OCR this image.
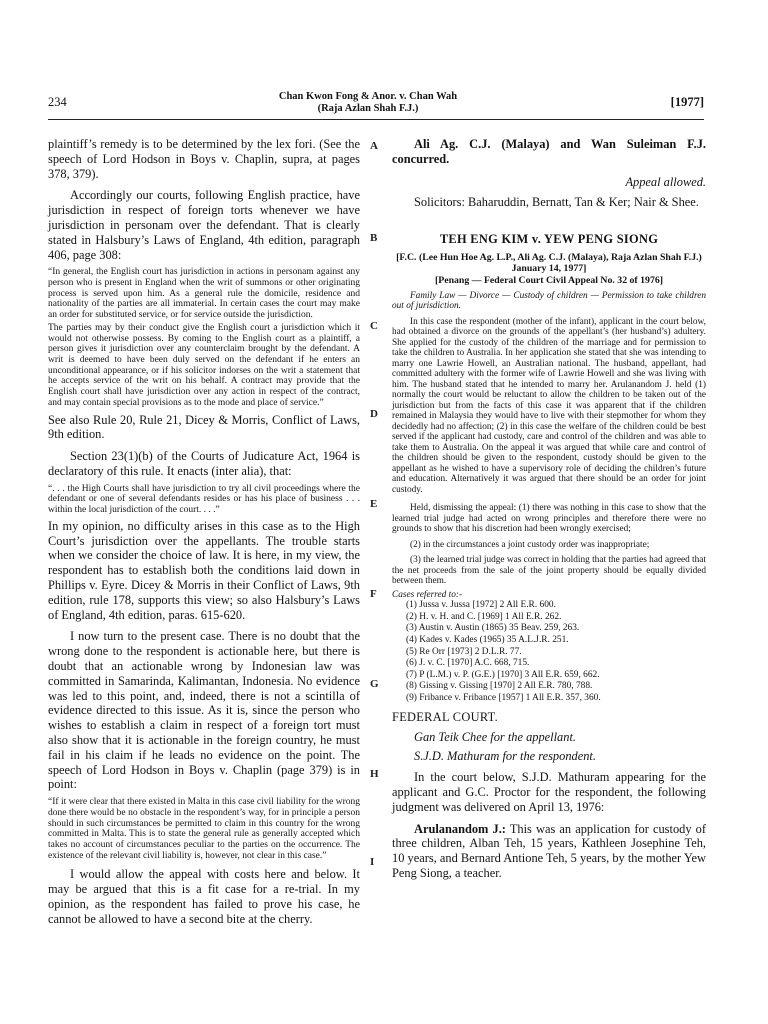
234	Chan Kwon Fong & Anor. v. Chan Wah
(Raja Azlan Shah F.J.)	[1977]

plaintiff’s remedy is to be determined by the lex fori. (See the speech of Lord Hodson in Boys v. Chaplin, supra, at pages 378, 379).

Accordingly our courts, following English practice, have jurisdiction in respect of foreign torts whenever we have jurisdiction in personam over the defendant. That is clearly stated in Halsbury’s Laws of England, 4th edition, paragraph 406, page 308:

“In general, the English court has jurisdiction in actions in personam against any person who is present in England when the writ of summons or other originating process is served upon him. As a general rule the domicile, residence and nationality of the parties are all immaterial. In certain cases the court may make an order for substituted service, or for service outside the jurisdiction.

The parties may by their conduct give the English court a jurisdiction which it would not otherwise possess. By coming to the English court as a plaintiff, a person gives it jurisdiction over any counterclaim brought by the defendant. A writ is deemed to have been duly served on the defendant if he enters an unconditional appearance, or if his solicitor indorses on the writ a statement that he accepts service of the writ on his behalf. A contract may provide that the English court shall have jurisdiction over any action in respect of the contract, and may contain special provisions as to the mode and place of service.”

See also Rule 20, Rule 21, Dicey & Morris, Conflict of Laws, 9th edition.

Section 23(1)(b) of the Courts of Judicature Act, 1964 is declaratory of this rule. It enacts (inter alia), that:

“. . . the High Courts shall have jurisdiction to try all civil proceedings where the defendant or one of several defendants resides or has his place of business . . . within the local jurisdiction of the court. . . .”

In my opinion, no difficulty arises in this case as to the High Court’s jurisdiction over the appellants. The trouble starts when we consider the choice of law. It is here, in my view, the respondent has to establish both the conditions laid down in Phillips v. Eyre. Dicey & Morris in their Conflict of Laws, 9th edition, rule 178, supports this view; so also Halsbury’s Laws of England, 4th edition, paras. 615-620.

I now turn to the present case. There is no doubt that the wrong done to the respondent is actionable here, but there is doubt that an actionable wrong by Indonesian law was committed in Samarinda, Kalimantan, Indonesia. No evidence was led to this point, and, indeed, there is not a scintilla of evidence directed to this issue. As it is, since the person who wishes to establish a claim in respect of a foreign tort must also show that it is actionable in the foreign country, he must fail in his claim if he leads no evidence on the point. The speech of Lord Hodson in Boys v. Chaplin (page 379) is in point:

“If it were clear that there existed in Malta in this case civil liability for the wrong done there would be no obstacle in the respondent’s way, for in principle a person should in such circumstances be permitted to claim in this country for the wrong committed in Malta. This is to state the general rule as generally accepted which takes no account of circumstances peculiar to the parties on the occurrence. The existence of the relevant civil liability is, however, not clear in this case.”

I would allow the appeal with costs here and below. It may be argued that this is a fit case for a re-trial. In my opinion, as the respondent has failed to prove his case, he cannot be allowed to have a second bite at the cherry.

A
B
C
D
E
F
G
H
I

Ali Ag. C.J. (Malaya) and Wan Suleiman F.J. concurred.

Appeal allowed.

Solicitors: Baharuddin, Bernatt, Tan & Ker; Nair & Shee.

TEH ENG KIM v. YEW PENG SIONG

[F.C. (Lee Hun Hoe Ag. L.P., Ali Ag. C.J. (Malaya), Raja Azlan Shah F.J.) January 14, 1977]

[Penang — Federal Court Civil Appeal No. 32 of 1976]

Family Law — Divorce — Custody of children — Permission to take children out of jurisdiction.

In this case the respondent (mother of the infant), applicant in the court below, had obtained a divorce on the grounds of the appellant’s (her husband’s) adultery. She applied for the custody of the children of the marriage and for permission to take the children to Australia. In her application she stated that she was intending to marry one Lawrie Howell, an Australian national. The husband, appellant, had committed adultery with the former wife of Lawrie Howell and she was living with him. The husband stated that he intended to marry her. Arulanandom J. held (1) normally the court would be reluctant to allow the children to be taken out of the jurisdiction but from the facts of this case it was apparent that if the children remained in Malaysia they would have to live with their stepmother for whom they decidedly had no affection; (2) in this case the welfare of the children could be best served if the applicant had custody, care and control of the children and was able to take them to Australia. On the appeal it was argued that while care and control of the children should be given to the respondent, custody should be given to the appellant as he wished to have a supervisory role of deciding the children’s future and education. Alternatively it was argued that there should be an order for joint custody.

Held, dismissing the appeal: (1) there was nothing in this case to show that the learned trial judge had acted on wrong principles and therefore there were no grounds to show that his discretion had been wrongly exercised;

(2) in the circumstances a joint custody order was inappropriate;

(3) the learned trial judge was correct in holding that the parties had agreed that the net proceeds from the sale of the joint property should be equally divided between them.

Cases referred to:-

(1) Jussa v. Jussa [1972] 2 All E.R. 600.
(2) H. v. H. and C. [1969] 1 All E.R. 262.
(3) Austin v. Austin (1865) 35 Beav. 259, 263.
(4) Kades v. Kades (1965) 35 A.L.J.R. 251.
(5) Re Orr [1973] 2 D.L.R. 77.
(6) J. v. C. [1970] A.C. 668, 715.
(7) P (L.M.) v. P. (G.E.) [1970] 3 All E.R. 659, 662.
(8) Gissing v. Gissing [1970] 2 All E.R. 780, 788.
(9) Fribance v. Fribance [1957] 1 All E.R. 357, 360.

FEDERAL COURT.

Gan Teik Chee for the appellant.

S.J.D. Mathuram for the respondent.

In the court below, S.J.D. Mathuram appearing for the applicant and G.C. Proctor for the respondent, the following judgment was delivered on April 13, 1976:

Arulanandom J.: This was an application for custody of three children, Alban Teh, 15 years, Kathleen Josephine Teh, 10 years, and Bernard Antione Teh, 5 years, by the mother Yew Peng Siong, a teacher.
